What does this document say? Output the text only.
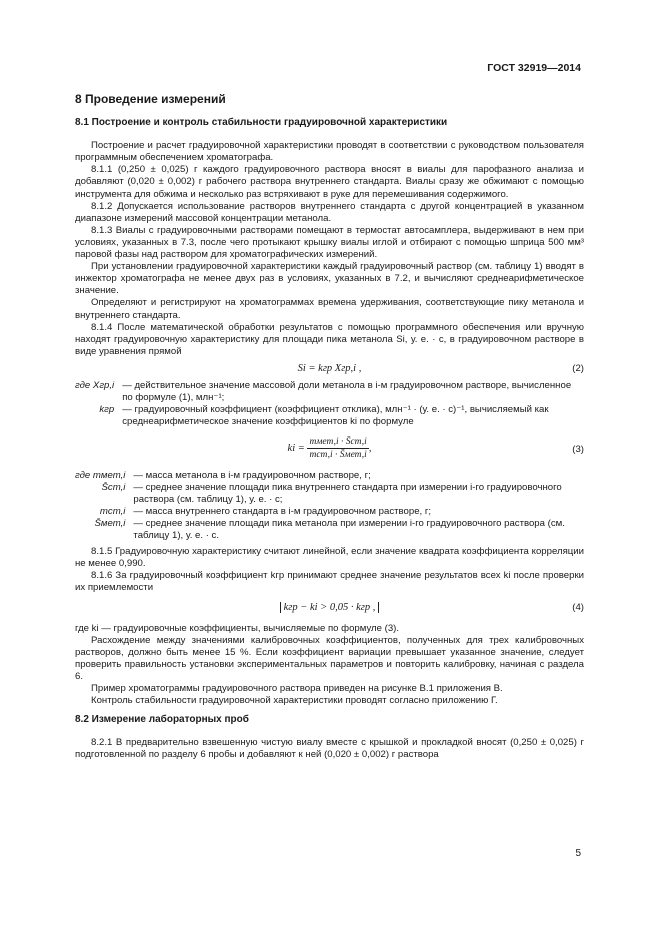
ГОСТ 32919—2014
8 Проведение измерений
8.1 Построение и контроль стабильности градуировочной характеристики

Построение и расчет градуировочной характеристики проводят в соответствии с руководством пользователя программным обеспечением хроматографа.

8.1.1 (0,250 ± 0,025) г каждого градуировочного раствора вносят в виалы для парофазного анализа и добавляют (0,020 ± 0,002) г рабочего раствора внутреннего стандарта. Виалы сразу же обжимают с помощью инструмента для обжима и несколько раз встряхивают в руке для перемешивания содержимого.

8.1.2 Допускается использование растворов внутреннего стандарта с другой концентрацией в указанном диапазоне измерений массовой концентрации метанола.

8.1.3 Виалы с градуировочными растворами помещают в термостат автосамплера, выдерживают в нем при условиях, указанных в 7.3, после чего протыкают крышку виалы иглой и отбирают с помощью шприца 500 мм³ паровой фазы над раствором для хроматографических измерений.

При установлении градуировочной характеристики каждый градуировочный раствор (см. таблицу 1) вводят в инжектор хроматографа не менее двух раз в условиях, указанных в 7.2, и вычисляют среднеарифметическое значение.

Определяют и регистрируют на хроматограммах времена удерживания, соответствующие пику метанола и внутреннего стандарта.

8.1.4 После математической обработки результатов с помощью программного обеспечения или вручную находят градуировочную характеристику для площади пика метанола Si, у. е. · с, в градуировочном растворе в виде уравнения прямой

Si = kгр Xгр,i ,	(2)
где Xгр,i — действительное значение массовой доли метанола в i-м градуировочном растворе, вычисленное по формуле (1), млн⁻¹;
kгр — градуировочный коэффициент (коэффициент отклика), млн⁻¹ · (у. е. · с)⁻¹, вычисляемый как среднеарифметическое значение коэффициентов ki по формуле
ki = $\frac{\text{mмет,i · S̄ст,i}}{\text{mст,i · S̄мет,i}}$ ,	(3)
где mмет,i — масса метанола в i-м градуировочном растворе, г;
S̄ст,i — среднее значение площади пика внутреннего стандарта при измерении i-го градуировочного раствора (см. таблицу 1), у. е. · с;
mст,i — масса внутреннего стандарта в i-м градуировочном растворе, г;
S̄мет,i — среднее значение площади пика метанола при измерении i-го градуировочного раствора (см. таблицу 1), у. е. · с.

8.1.5 Градуировочную характеристику считают линейной, если значение квадрата коэффициента корреляции не менее 0,990.

8.1.6 За градуировочный коэффициент kгр принимают среднее значение результатов всех ki после проверки их приемлемости

kгр − ki > 0,05 · kгр ,	(4)

где ki — градуировочные коэффициенты, вычисляемые по формуле (3).

Расхождение между значениями калибровочных коэффициентов, полученных для трех калибровочных растворов, должно быть менее 15 %. Если коэффициент вариации превышает указанное значение, следует проверить правильность установки экспериментальных параметров и повторить калибровку, начиная с раздела 6.

Пример хроматограммы градуировочного раствора приведен на рисунке В.1 приложения В.

Контроль стабильности градуировочной характеристики проводят согласно приложению Г.

8.2 Измерение лабораторных проб

8.2.1 В предварительно взвешенную чистую виалу вместе с крышкой и прокладкой вносят (0,250 ± 0,025) г подготовленной по разделу 6 пробы и добавляют к ней (0,020 ± 0,002) г раствора

5
